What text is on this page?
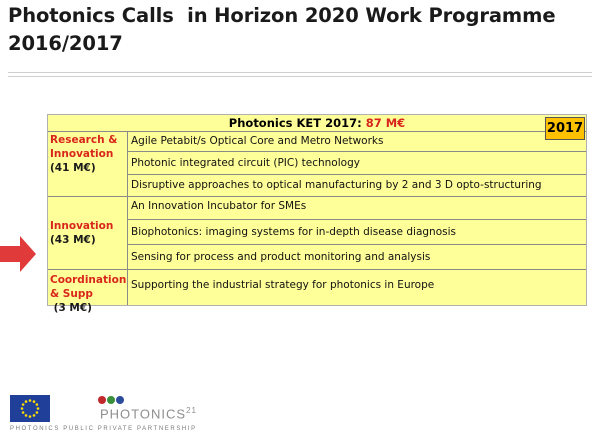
Photonics Calls  in Horizon 2020 Work Programme
2016/2017
Photonics KET 2017: 87 M€	2017
Research &
Innovation
(41 M€)
Agile Petabit/s Optical Core and Metro Networks
Photonic integrated circuit (PIC) technology
Disruptive approaches to optical manufacturing by 2 and 3 D opto-structuring
Innovation
(43 M€)
An Innovation Incubator for SMEs
Biophotonics: imaging systems for in-depth disease diagnosis
Sensing for process and product monitoring and analysis
Coordination
& Supp (3 M€)
Supporting the industrial strategy for photonics in Europe
PHOTONICS$^{21}$
PHOTONICS PUBLIC PRIVATE PARTNERSHIP
